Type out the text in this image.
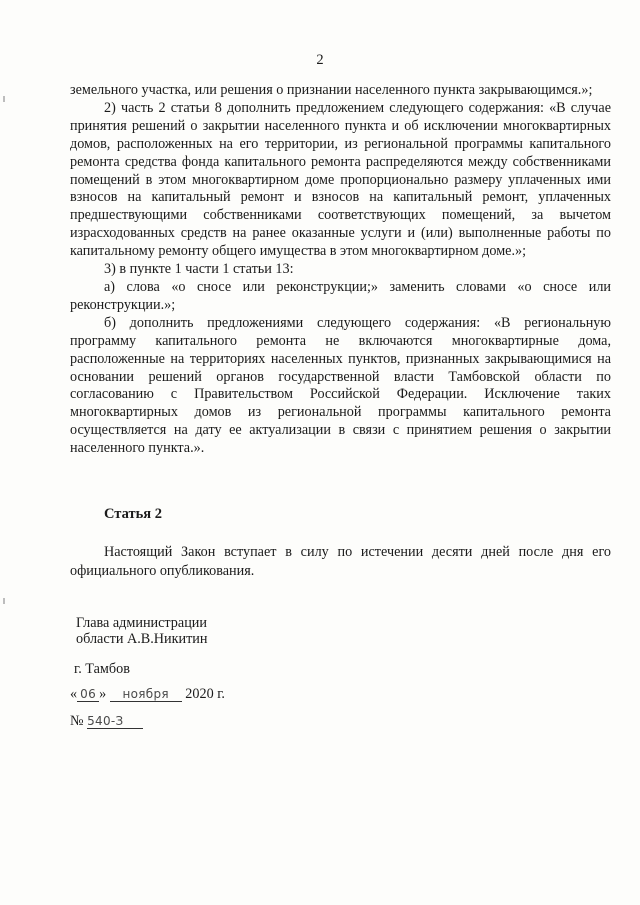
2

земельного участка, или решения о признании населенного пункта закрывающимся.»;

2) часть 2 статьи 8 дополнить предложением следующего содержания: «В случае принятия решений о закрытии населенного пункта и об исключении многоквартирных домов, расположенных на его территории, из региональной программы капитального ремонта средства фонда капитального ремонта распределяются между собственниками помещений в этом многоквартирном доме пропорционально размеру уплаченных ими взносов на капитальный ремонт и взносов на капитальный ремонт, уплаченных предшествующими собственниками соответствующих помещений, за вычетом израсходованных средств на ранее оказанные услуги и (или) выполненные работы по капитальному ремонту общего имущества в этом многоквартирном доме.»;

3) в пункте 1 части 1 статьи 13:

а) слова «о сносе или реконструкции;» заменить словами «о сносе или реконструкции.»;

б) дополнить предложениями следующего содержания: «В региональную программу капитального ремонта не включаются многоквартирные дома, расположенные на территориях населенных пунктов, признанных закрывающимися на основании решений органов государственной власти Тамбовской области по согласованию с Правительством Российской Федерации. Исключение таких многоквартирных домов из региональной программы капитального ремонта осуществляется на дату ее актуализации в связи с принятием решения о закрытии населенного пункта.».

Статья 2
Настоящий Закон вступает в силу по истечении десяти дней после дня его официального опубликования.
Глава администрации
области А.В.Никитин
г. Тамбов
« 06 » ноября 2020 г.
№ 540-З
